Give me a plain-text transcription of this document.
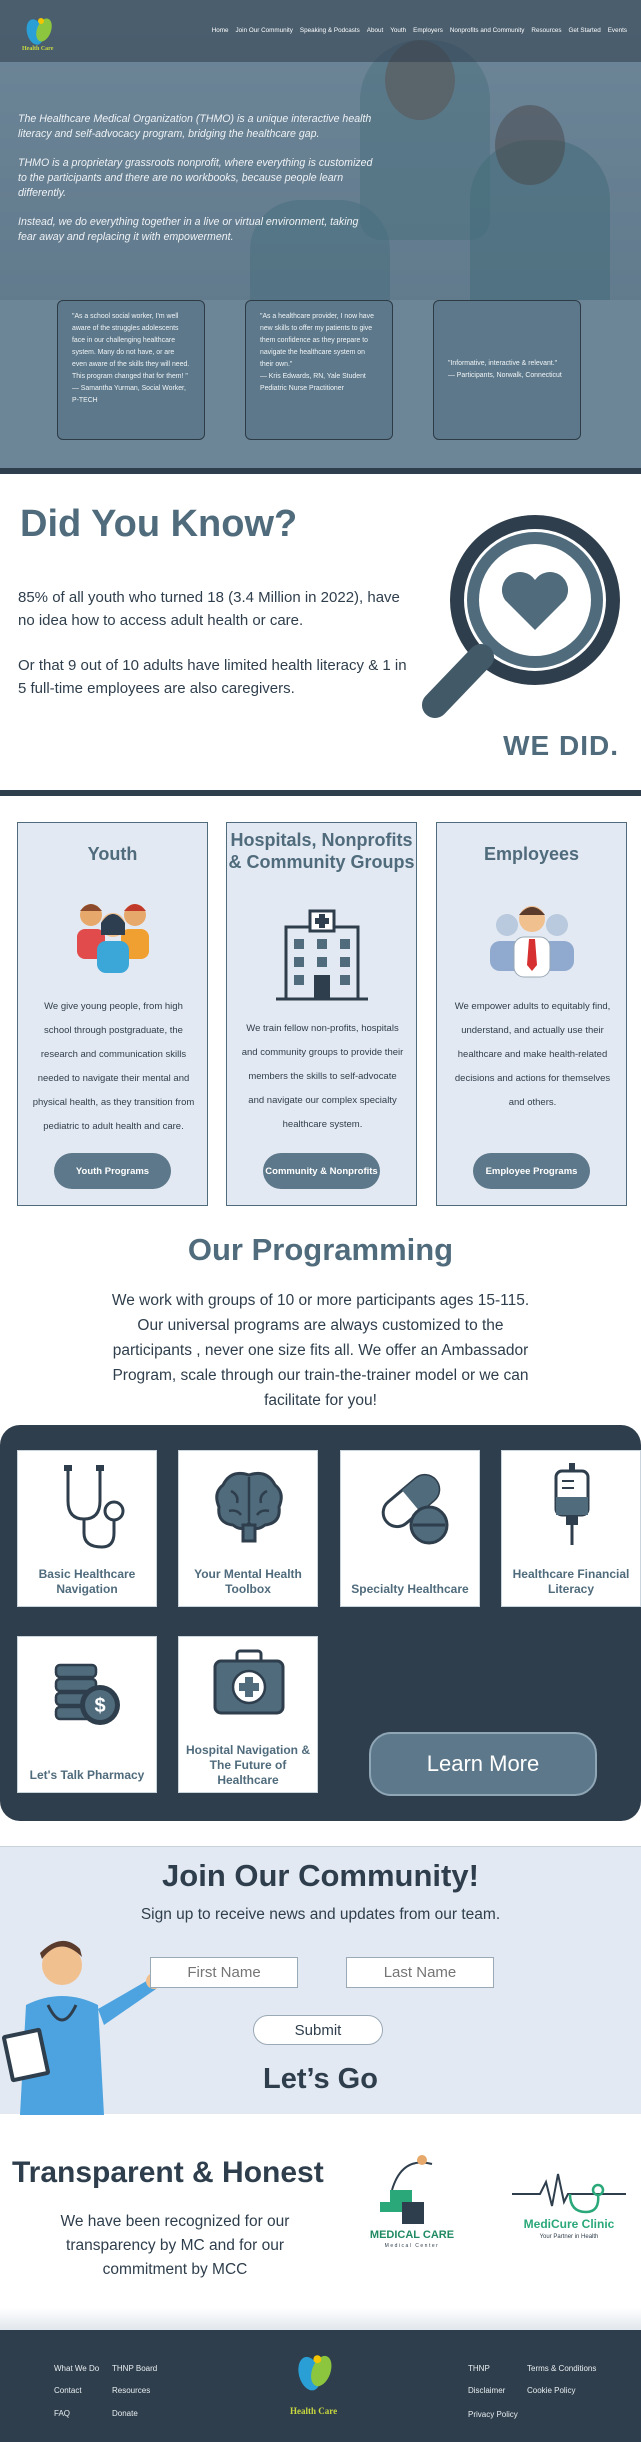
Health Care
Home Join Our Community Speaking & Podcasts About Youth Employers Nonprofits and Community Resources Get Started Events

The Healthcare Medical Organization (THMO) is a unique interactive health literacy and self-advocacy program, bridging the healthcare gap.

THMO is a proprietary grassroots nonprofit, where everything is customized to the participants and there are no workbooks, because people learn differently.

Instead, we do everything together in a live or virtual environment, taking fear away and replacing it with empowerment.

"As a school social worker, I'm well aware of the struggles adolescents face in our challenging healthcare system. Many do not have, or are even aware of the skills they will need. This program changed that for them! "
— Samantha Yurman, Social Worker, P-TECH
"As a healthcare provider, I now have new skills to offer my patients to give them confidence as they prepare to navigate the healthcare system on their own."
— Kris Edwards, RN, Yale Student Pediatric Nurse Practitioner
"Informative, interactive & relevant."
— Participants, Norwalk, Connecticut
Did You Know?
85% of all youth who turned 18 (3.4 Million in 2022), have no idea how to access adult health or care.
Or that 9 out of 10 adults have limited health literacy & 1 in 5 full-time employees are also caregivers.
WE DID.
Youth
We give young people, from high school through postgraduate, the research and communication skills needed to navigate their mental and physical health, as they transition from pediatric to adult health and care.
Youth Programs
Hospitals, Nonprofits & Community Groups
We train fellow non-profits, hospitals and community groups to provide their members the skills to self-advocate and navigate our complex specialty healthcare system.
Community & Nonprofits
Employees
We empower adults to equitably find, understand, and actually use their healthcare and make health-related decisions and actions for themselves and others.
Employee Programs
Our Programming
We work with groups of 10 or more participants ages 15-115. Our universal programs are always customized to the participants , never one size fits all. We offer an Ambassador Program, scale through our train-the-trainer model or we can facilitate for you!
Basic Healthcare Navigation
Your Mental Health Toolbox	Specialty Healthcare
Healthcare Financial Literacy
$
Let's Talk Pharmacy
Hospital Navigation & The Future of Healthcare
Learn More
Join Our Community!
Sign up to receive news and updates from our team.
First Name
Last Name
Submit
Let’s Go
Transparent & Honest
We have been recognized for our transparency by MC and for our commitment by MCC
MEDICAL CARE
Medical Center
MediCure Clinic
Your Partner in Health
What We Do
Contact
FAQ
THNP Board
Resources
Donate	Health Care
THNP
Disclaimer
Privacy Policy
Terms & Conditions
Cookie Policy
